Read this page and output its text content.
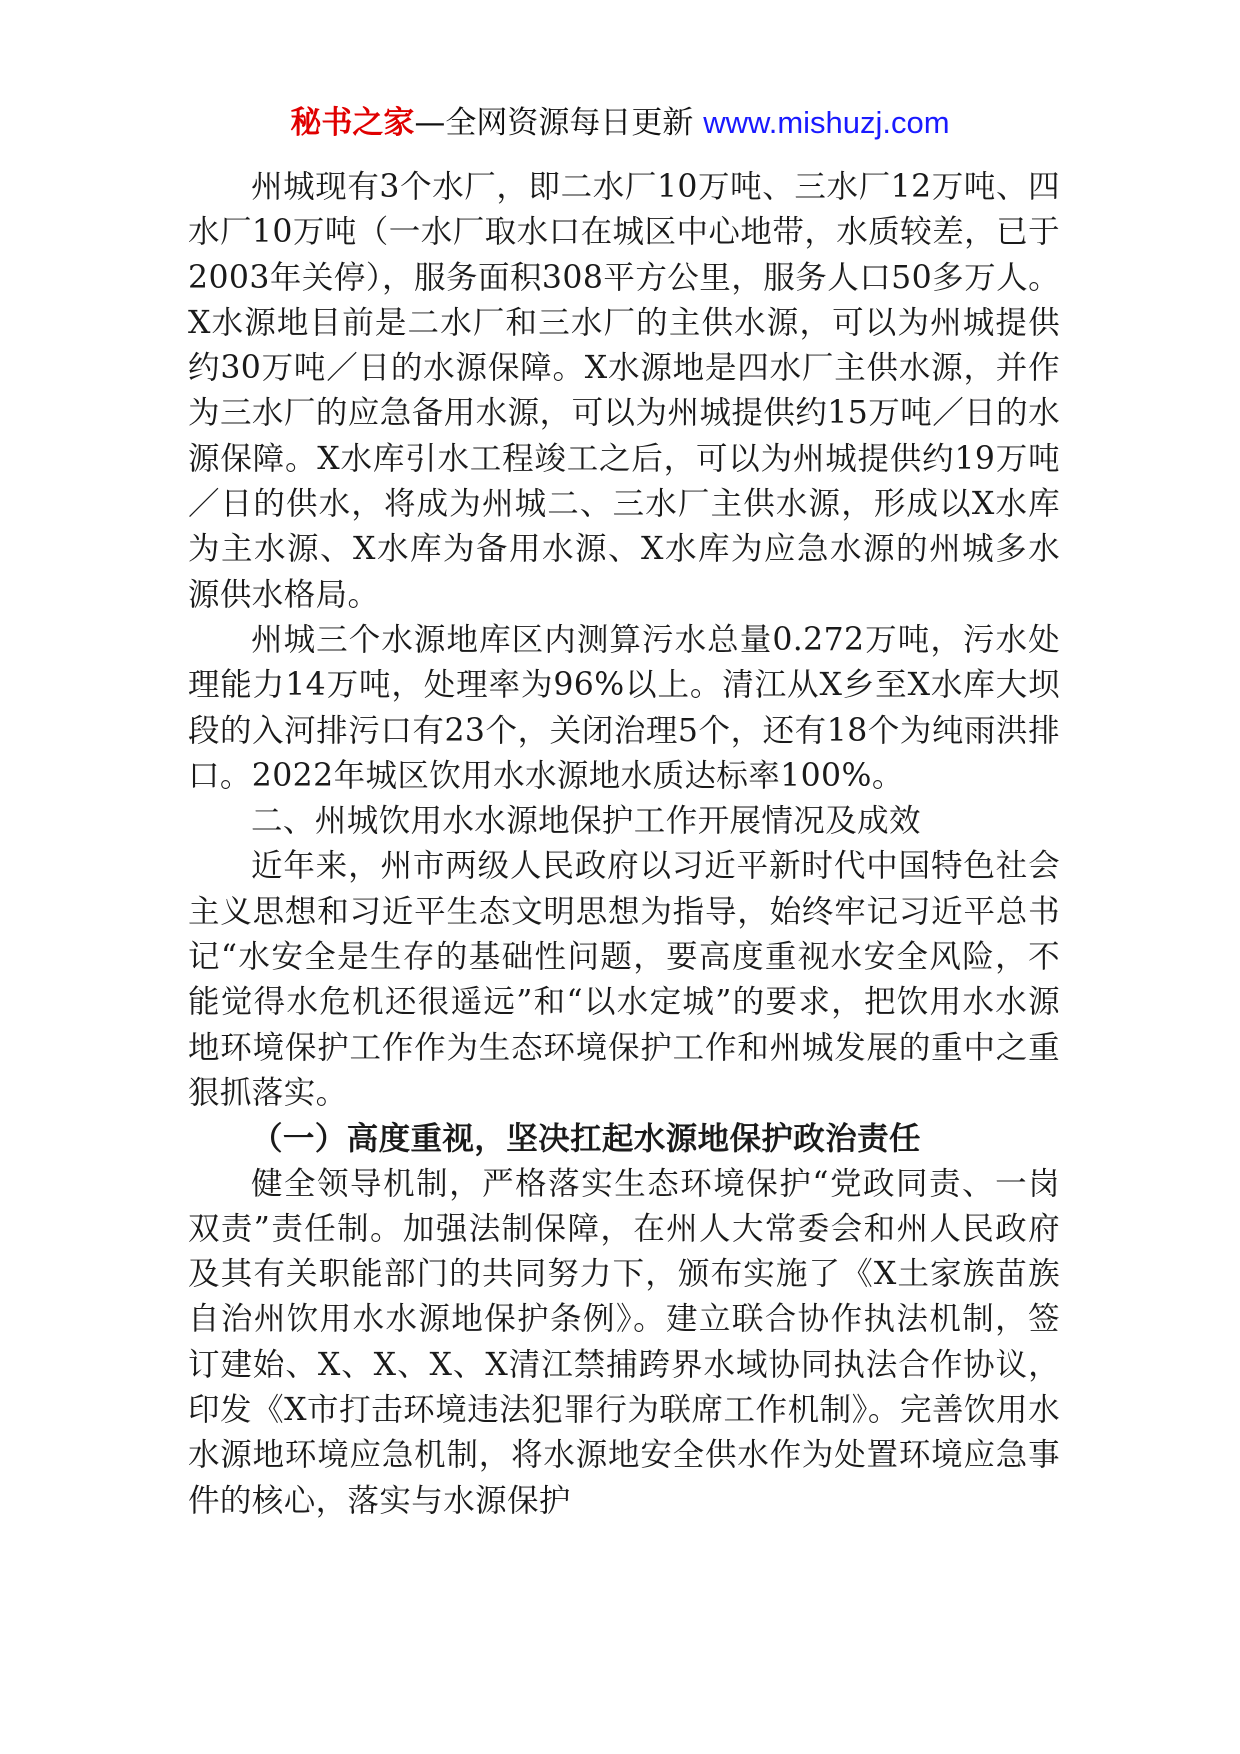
秘书之家—全网资源每日更新 www.mishuzj.com

州城现有3个水厂，即二水厂10万吨、三水厂12万吨、四水厂10万吨（一水厂取水口在城区中心地带，水质较差，已于2003年关停），服务面积308平方公里，服务人口50多万人。X水源地目前是二水厂和三水厂的主供水源，可以为州城提供约30万吨／日的水源保障。X水源地是四水厂主供水源，并作为三水厂的应急备用水源，可以为州城提供约15万吨／日的水源保障。X水库引水工程竣工之后，可以为州城提供约19万吨／日的供水，将成为州城二、三水厂主供水源，形成以X水库为主水源、X水库为备用水源、X水库为应急水源的州城多水源供水格局。

州城三个水源地库区内测算污水总量0.272万吨，污水处理能力14万吨，处理率为96%以上。清江从X乡至X水库大坝段的入河排污口有23个，关闭治理5个，还有18个为纯雨洪排口。2022年城区饮用水水源地水质达标率100%。

二、州城饮用水水源地保护工作开展情况及成效

近年来，州市两级人民政府以习近平新时代中国特色社会主义思想和习近平生态文明思想为指导，始终牢记习近平总书记“水安全是生存的基础性问题，要高度重视水安全风险，不能觉得水危机还很遥远”和“以水定城”的要求，把饮用水水源地环境保护工作作为生态环境保护工作和州城发展的重中之重狠抓落实。

（一）高度重视，坚决扛起水源地保护政治责任

健全领导机制，严格落实生态环境保护“党政同责、一岗双责”责任制。加强法制保障，在州人大常委会和州人民政府及其有关职能部门的共同努力下，颁布实施了《X土家族苗族自治州饮用水水源地保护条例》。建立联合协作执法机制，签订建始、X、X、X、X清江禁捕跨界水域协同执法合作协议，印发《X市打击环境违法犯罪行为联席工作机制》。完善饮用水水源地环境应急机制，将水源地安全供水作为处置环境应急事件的核心，落实与水源保护
